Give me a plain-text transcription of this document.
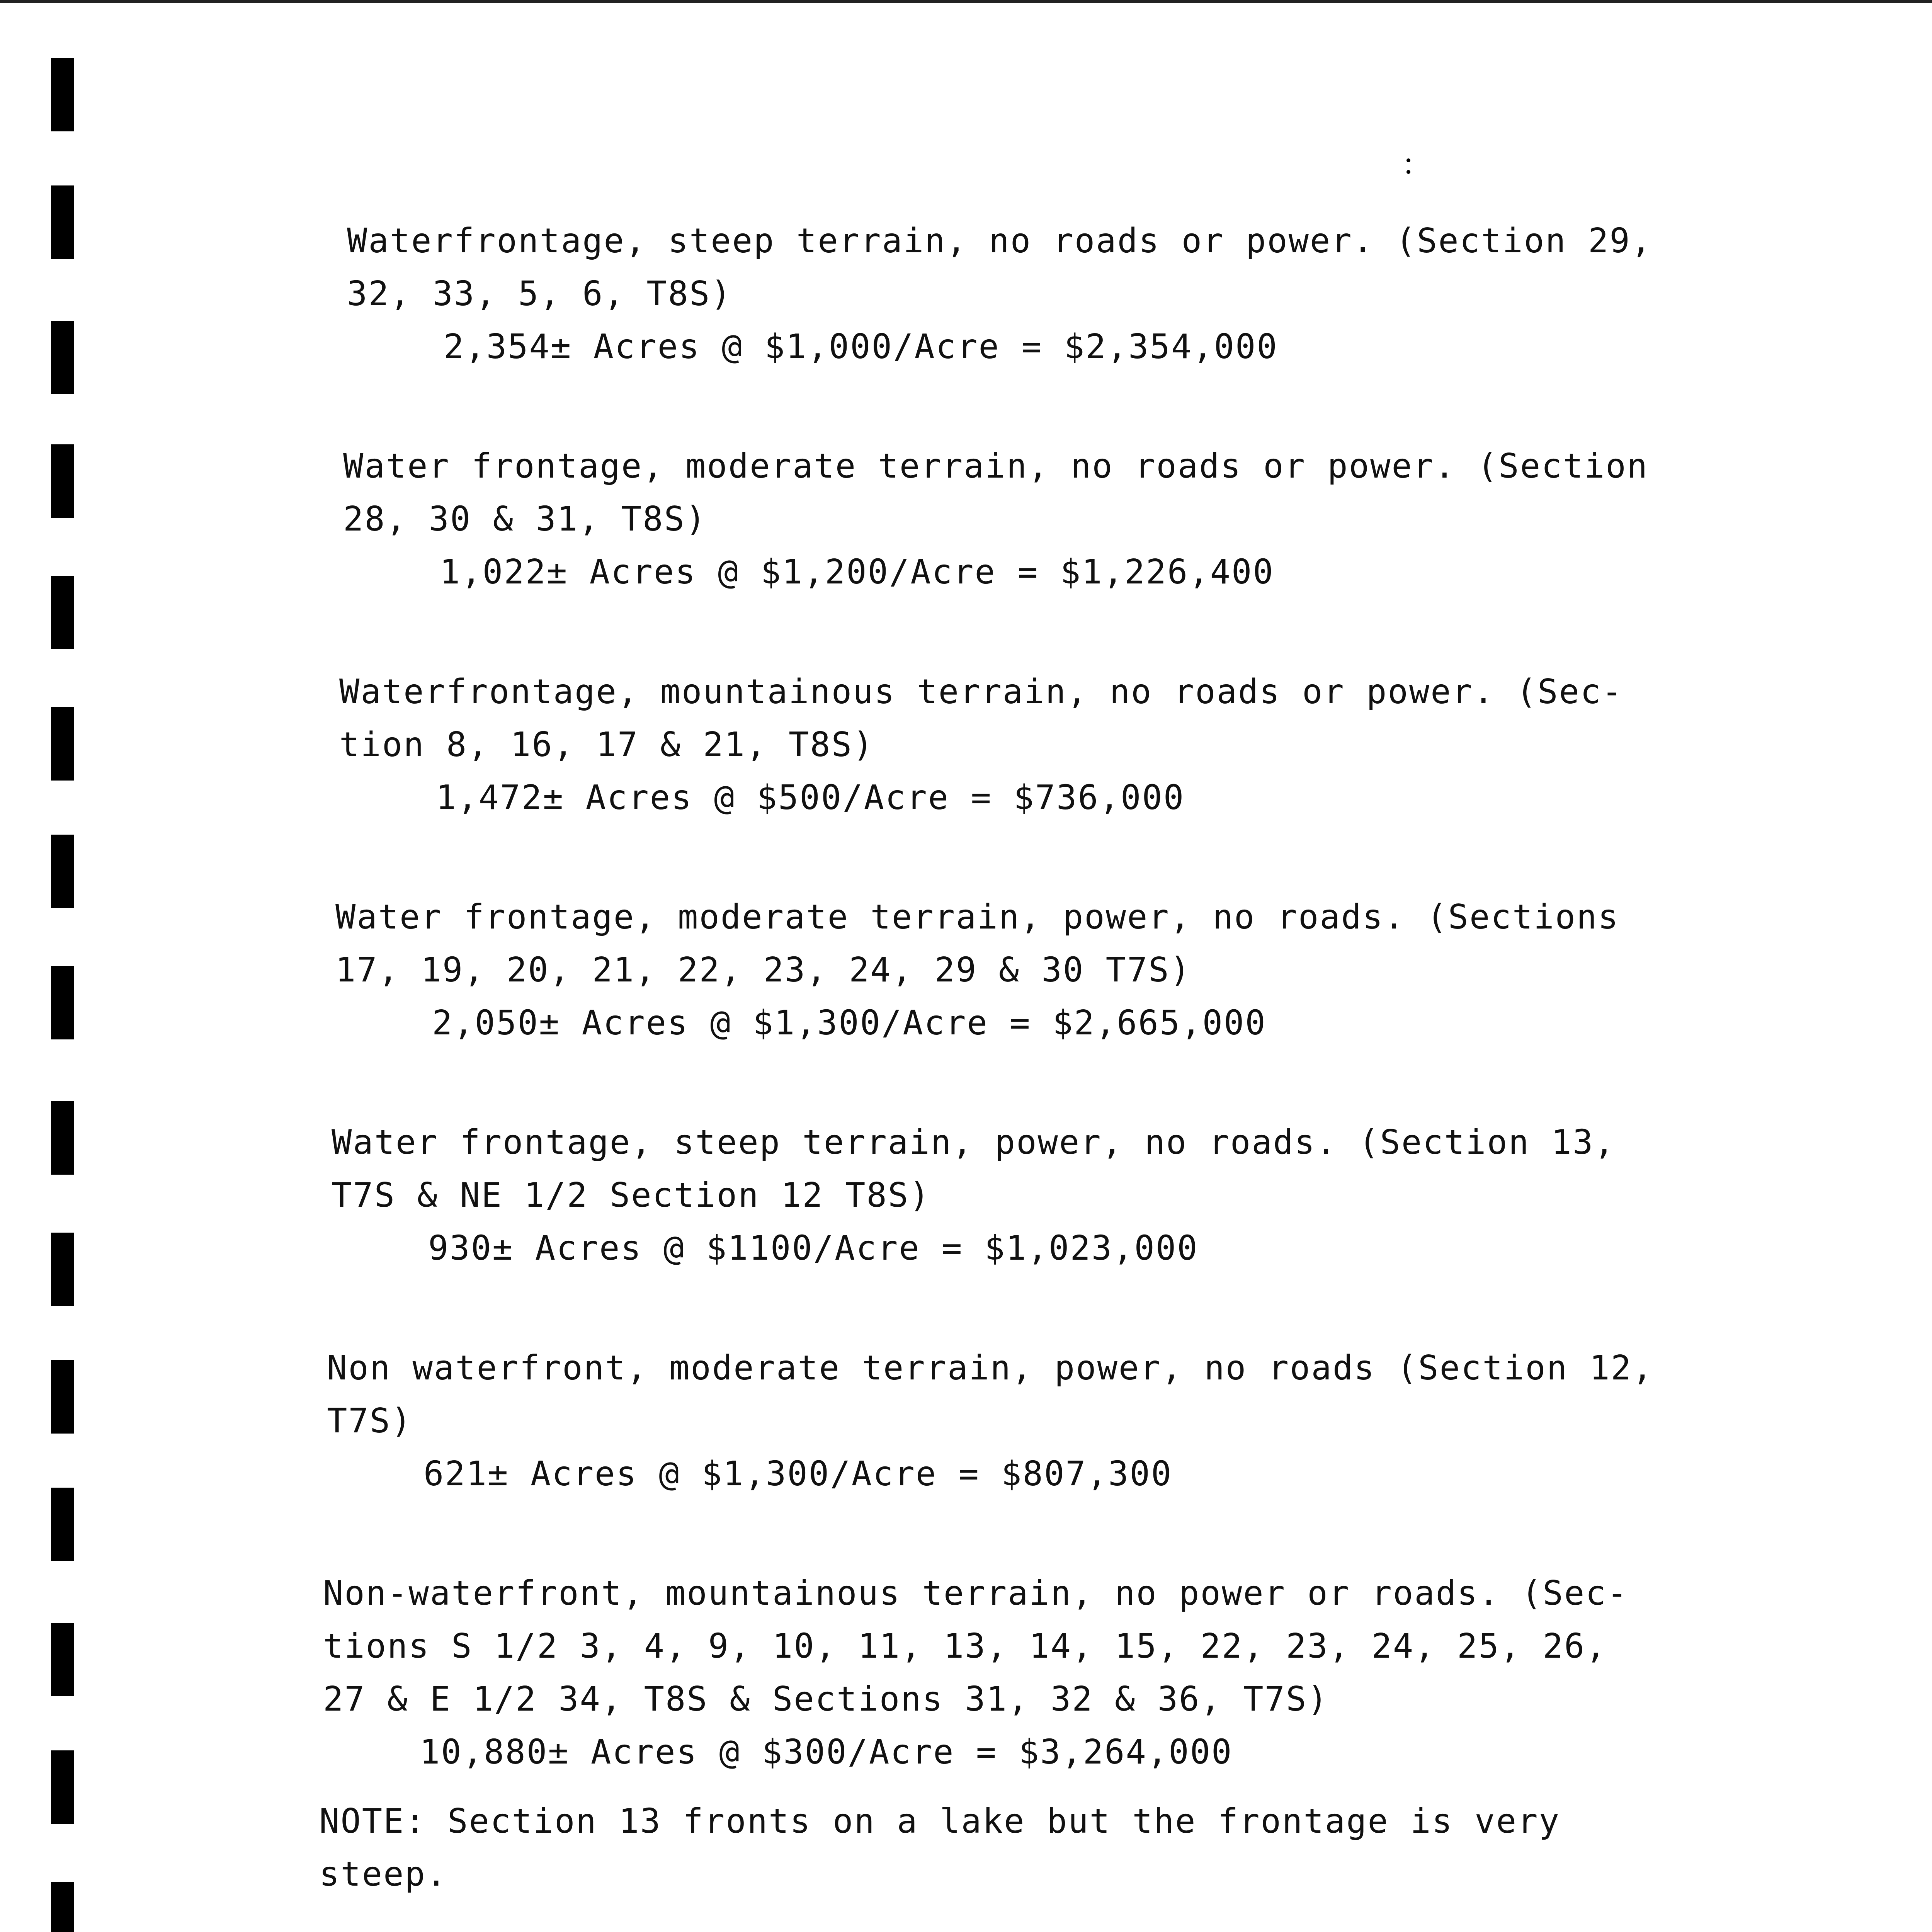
Waterfrontage, steep terrain, no roads or power. (Section 29,
32, 33, 5, 6, T8S)
2,354± Acres @ $1,000/Acre = $2,354,000
Water frontage, moderate terrain, no roads or power. (Section
28, 30 & 31, T8S)
1,022± Acres @ $1,200/Acre = $1,226,400
Waterfrontage, mountainous terrain, no roads or power. (Sec-
tion 8, 16, 17 & 21, T8S)
1,472± Acres @ $500/Acre = $736,000
Water frontage, moderate terrain, power, no roads. (Sections
17, 19, 20, 21, 22, 23, 24, 29 & 30 T7S)
2,050± Acres @ $1,300/Acre = $2,665,000
Water frontage, steep terrain, power, no roads. (Section 13,
T7S & NE 1/2 Section 12 T8S)
930± Acres @ $1100/Acre = $1,023,000
Non waterfront, moderate terrain, power, no roads (Section 12,
T7S)
621± Acres @ $1,300/Acre = $807,300
Non-waterfront, mountainous terrain, no power or roads. (Sec-
tions S 1/2 3, 4, 9, 10, 11, 13, 14, 15, 22, 23, 24, 25, 26,
27 & E 1/2 34, T8S & Sections 31, 32 & 36, T7S)
10,880± Acres @ $300/Acre = $3,264,000
NOTE: Section 13 fronts on a lake but the frontage is very
steep.
